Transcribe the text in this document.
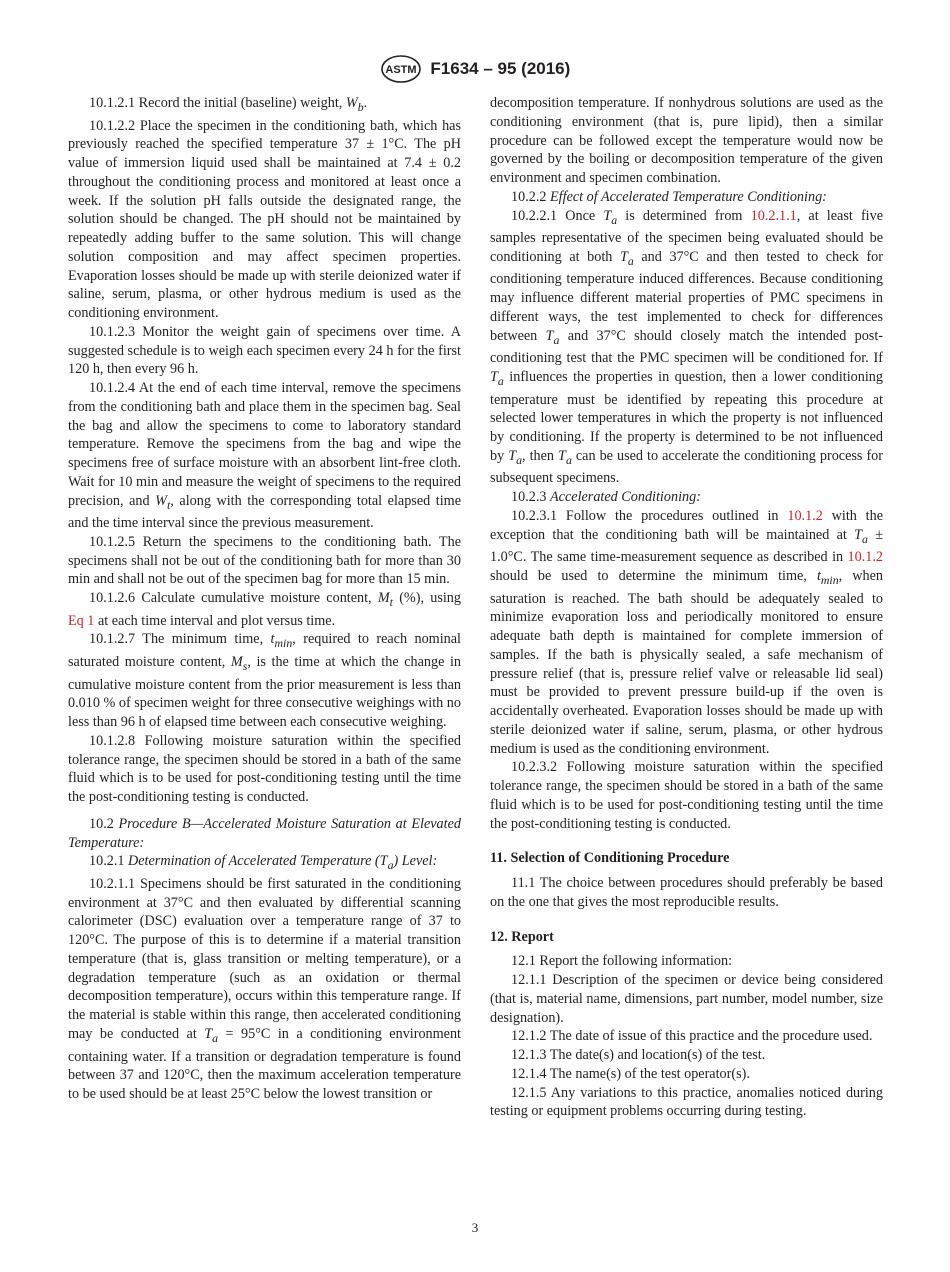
ASTM F1634 – 95 (2016)

10.1.2.1 Record the initial (baseline) weight, $W_b$.

10.1.2.2 Place the specimen in the conditioning bath, which has previously reached the specified temperature 37 ± 1°C. The pH value of immersion liquid used shall be maintained at 7.4 ± 0.2 throughout the conditioning process and monitored at least once a week. If the solution pH falls outside the designated range, the solution should be changed. The pH should not be maintained by repeatedly adding buffer to the same solution. This will change solution composition and may affect specimen properties. Evaporation losses should be made up with sterile deionized water if saline, serum, plasma, or other hydrous medium is used as the conditioning environment.

10.1.2.3 Monitor the weight gain of specimens over time. A suggested schedule is to weigh each specimen every 24 h for the first 120 h, then every 96 h.

10.1.2.4 At the end of each time interval, remove the specimens from the conditioning bath and place them in the specimen bag. Seal the bag and allow the specimens to come to laboratory standard temperature. Remove the specimens from the bag and wipe the specimens free of surface moisture with an absorbent lint-free cloth. Wait for 10 min and measure the weight of specimens to the required precision, and $W_t$, along with the corresponding total elapsed time and the time interval since the previous measurement.

10.1.2.5 Return the specimens to the conditioning bath. The specimens shall not be out of the conditioning bath for more than 30 min and shall not be out of the specimen bag for more than 15 min.

10.1.2.6 Calculate cumulative moisture content, $M_t$ (%), using Eq 1 at each time interval and plot versus time.

10.1.2.7 The minimum time, $t_{min}$, required to reach nominal saturated moisture content, $M_s$, is the time at which the change in cumulative moisture content from the prior measurement is less than 0.010 % of specimen weight for three consecutive weighings with no less than 96 h of elapsed time between each consecutive weighing.

10.1.2.8 Following moisture saturation within the specified tolerance range, the specimen should be stored in a bath of the same fluid which is to be used for post-conditioning testing until the time the post-conditioning testing is conducted.

10.2 Procedure B—Accelerated Moisture Saturation at Elevated Temperature:

10.2.1 Determination of Accelerated Temperature $(T_a)$ Level:

10.2.1.1 Specimens should be first saturated in the conditioning environment at 37°C and then evaluated by differential scanning calorimeter (DSC) evaluation over a temperature range of 37 to 120°C. The purpose of this is to determine if a material transition temperature (that is, glass transition or melting temperature), or a degradation temperature (such as an oxidation or thermal decomposition temperature), occurs within this temperature range. If the material is stable within this range, then accelerated conditioning may be conducted at $T_a = 95^\circ C$ in a conditioning environment containing water. If a transition or degradation temperature is found between 37 and 120°C, then the maximum acceleration temperature to be used should be at least 25°C below the lowest transition or

decomposition temperature. If nonhydrous solutions are used as the conditioning environment (that is, pure lipid), then a similar procedure can be followed except the temperature would now be governed by the boiling or decomposition temperature of the given environment and specimen combination.

10.2.2 Effect of Accelerated Temperature Conditioning:

10.2.2.1 Once $T_a$ is determined from 10.2.1.1, at least five samples representative of the specimen being evaluated should be conditioning at both $T_a$ and 37°C and then tested to check for conditioning temperature induced differences. Because conditioning may influence different material properties of PMC specimens in different ways, the test implemented to check for differences between $T_a$ and 37°C should closely match the intended post-conditioning test that the PMC specimen will be conditioned for. If $T_a$ influences the properties in question, then a lower conditioning temperature must be identified by repeating this procedure at selected lower temperatures in which the property is not influenced by conditioning. If the property is determined to be not influenced by $T_a$, then $T_a$ can be used to accelerate the conditioning process for subsequent specimens.

10.2.3 Accelerated Conditioning:

10.2.3.1 Follow the procedures outlined in 10.1.2 with the exception that the conditioning bath will be maintained at $T_a \pm 1.0^\circ C$. The same time-measurement sequence as described in 10.1.2 should be used to determine the minimum time, $t_{min}$, when saturation is reached. The bath should be adequately sealed to minimize evaporation loss and periodically monitored to ensure adequate bath depth is maintained for complete immersion of samples. If the bath is physically sealed, a safe mechanism of pressure relief (that is, pressure relief valve or releasable lid seal) must be provided to prevent pressure build-up if the oven is accidentally overheated. Evaporation losses should be made up with sterile deionized water if saline, serum, plasma, or other hydrous medium is used as the conditioning environment.

10.2.3.2 Following moisture saturation within the specified tolerance range, the specimen should be stored in a bath of the same fluid which is to be used for post-conditioning testing until the time the post-conditioning testing is conducted.

11. Selection of Conditioning Procedure

11.1 The choice between procedures should preferably be based on the one that gives the most reproducible results.

12. Report

12.1 Report the following information:

12.1.1 Description of the specimen or device being considered (that is, material name, dimensions, part number, model number, size designation).

12.1.2 The date of issue of this practice and the procedure used.

12.1.3 The date(s) and location(s) of the test.

12.1.4 The name(s) of the test operator(s).

12.1.5 Any variations to this practice, anomalies noticed during testing or equipment problems occurring during testing.

3
